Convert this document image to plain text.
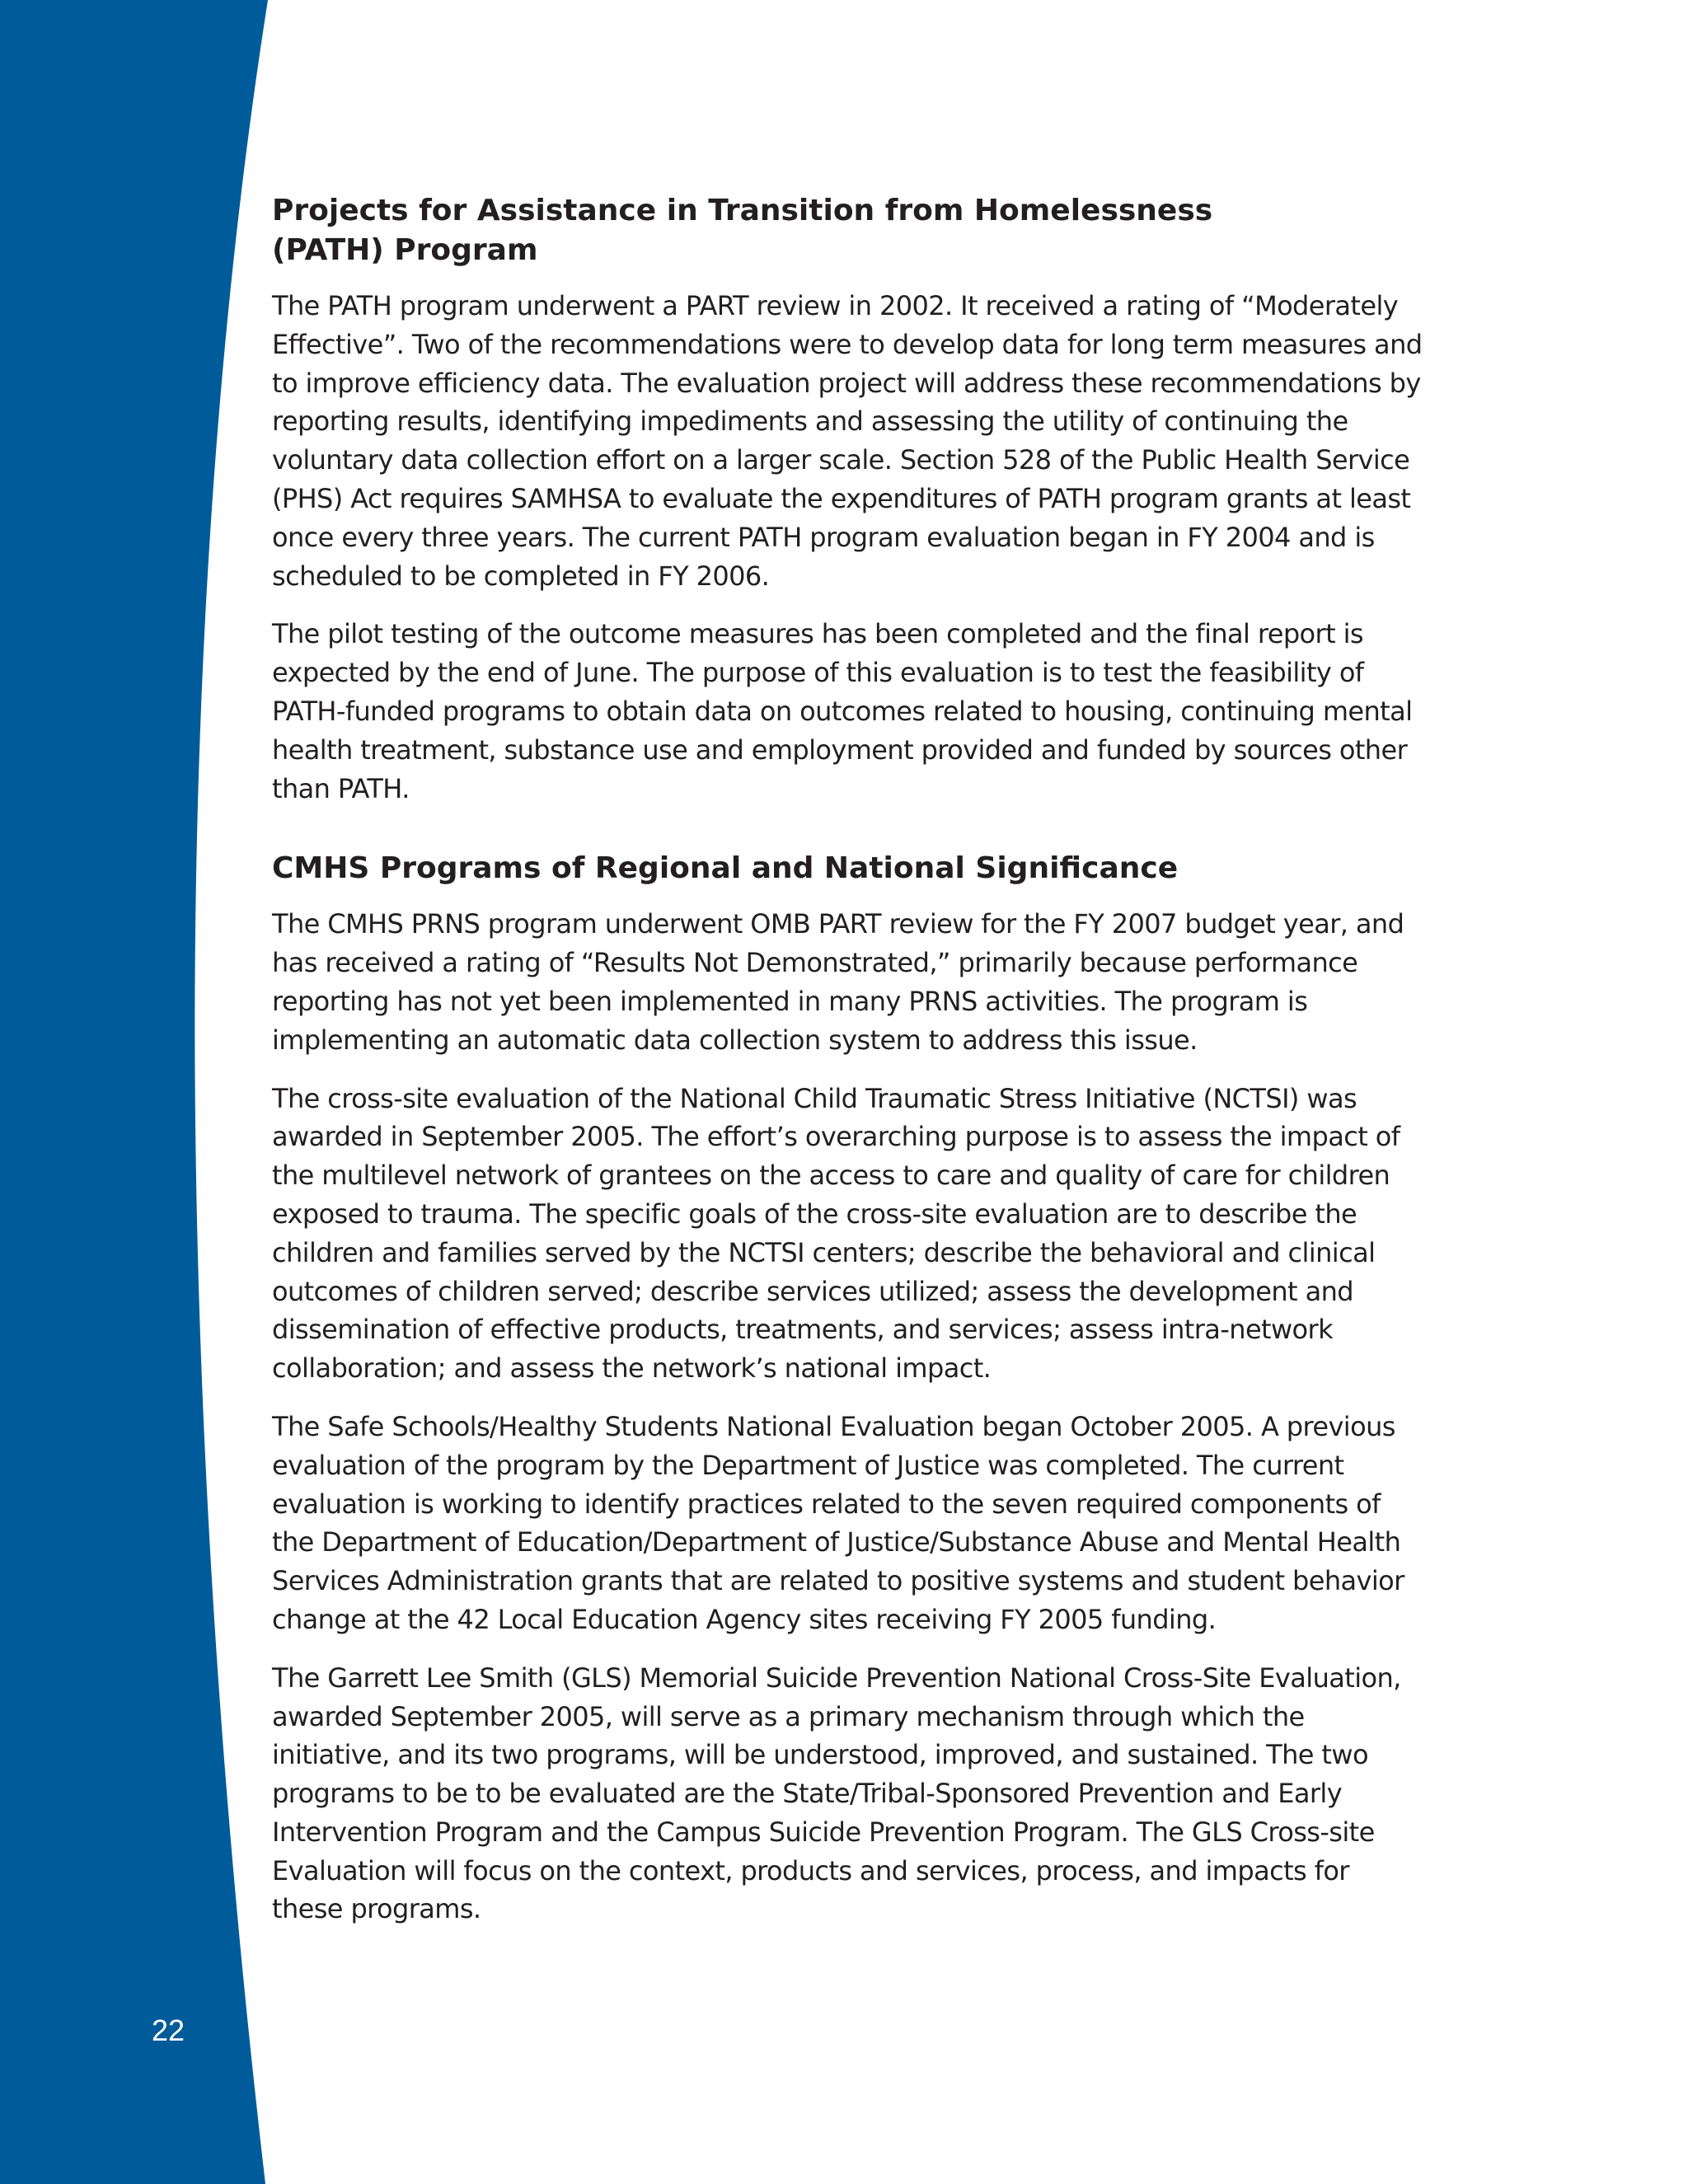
22
Projects for Assistance in Transition from Homelessness
(PATH) Program

The PATH program underwent a PART review in 2002. It received a rating of “Moderately Effective”. Two of the recommendations were to develop data for long term measures and to improve efficiency data. The evaluation project will address these recommendations by reporting results, identifying impediments and assessing the utility of continuing the voluntary data collection effort on a larger scale. Section 528 of the Public Health Service (PHS) Act requires SAMHSA to evaluate the expenditures of PATH program grants at least once every three years. The current PATH program evaluation began in FY 2004 and is scheduled to be completed in FY 2006.

The pilot testing of the outcome measures has been completed and the final report is expected by the end of June. The purpose of this evaluation is to test the feasibility of PATH-funded programs to obtain data on outcomes related to housing, continuing mental health treatment, substance use and employment provided and funded by sources other than PATH.

CMHS Programs of Regional and National Significance

The CMHS PRNS program underwent OMB PART review for the FY 2007 budget year, and has received a rating of “Results Not Demonstrated,” primarily because performance reporting has not yet been implemented in many PRNS activities. The program is implementing an automatic data collection system to address this issue.

The cross-site evaluation of the National Child Traumatic Stress Initiative (NCTSI) was awarded in September 2005. The effort’s overarching purpose is to assess the impact of the multilevel network of grantees on the access to care and quality of care for children exposed to trauma. The specific goals of the cross-site evaluation are to describe the children and families served by the NCTSI centers; describe the behavioral and clinical outcomes of children served; describe services utilized; assess the development and dissemination of effective products, treatments, and services; assess intra-network collaboration; and assess the network’s national impact.

The Safe Schools/Healthy Students National Evaluation began October 2005. A previous evaluation of the program by the Department of Justice was completed. The current evaluation is working to identify practices related to the seven required components of the Department of Education/Department of Justice/Substance Abuse and Mental Health Services Administration grants that are related to positive systems and student behavior change at the 42 Local Education Agency sites receiving FY 2005 funding.

The Garrett Lee Smith (GLS) Memorial Suicide Prevention National Cross-Site Evaluation, awarded September 2005, will serve as a primary mechanism through which the initiative, and its two programs, will be understood, improved, and sustained. The two programs to be to be evaluated are the State/Tribal-Sponsored Prevention and Early Intervention Program and the Campus Suicide Prevention Program. The GLS Cross-site Evaluation will focus on the context, products and services, process, and impacts for these programs.
